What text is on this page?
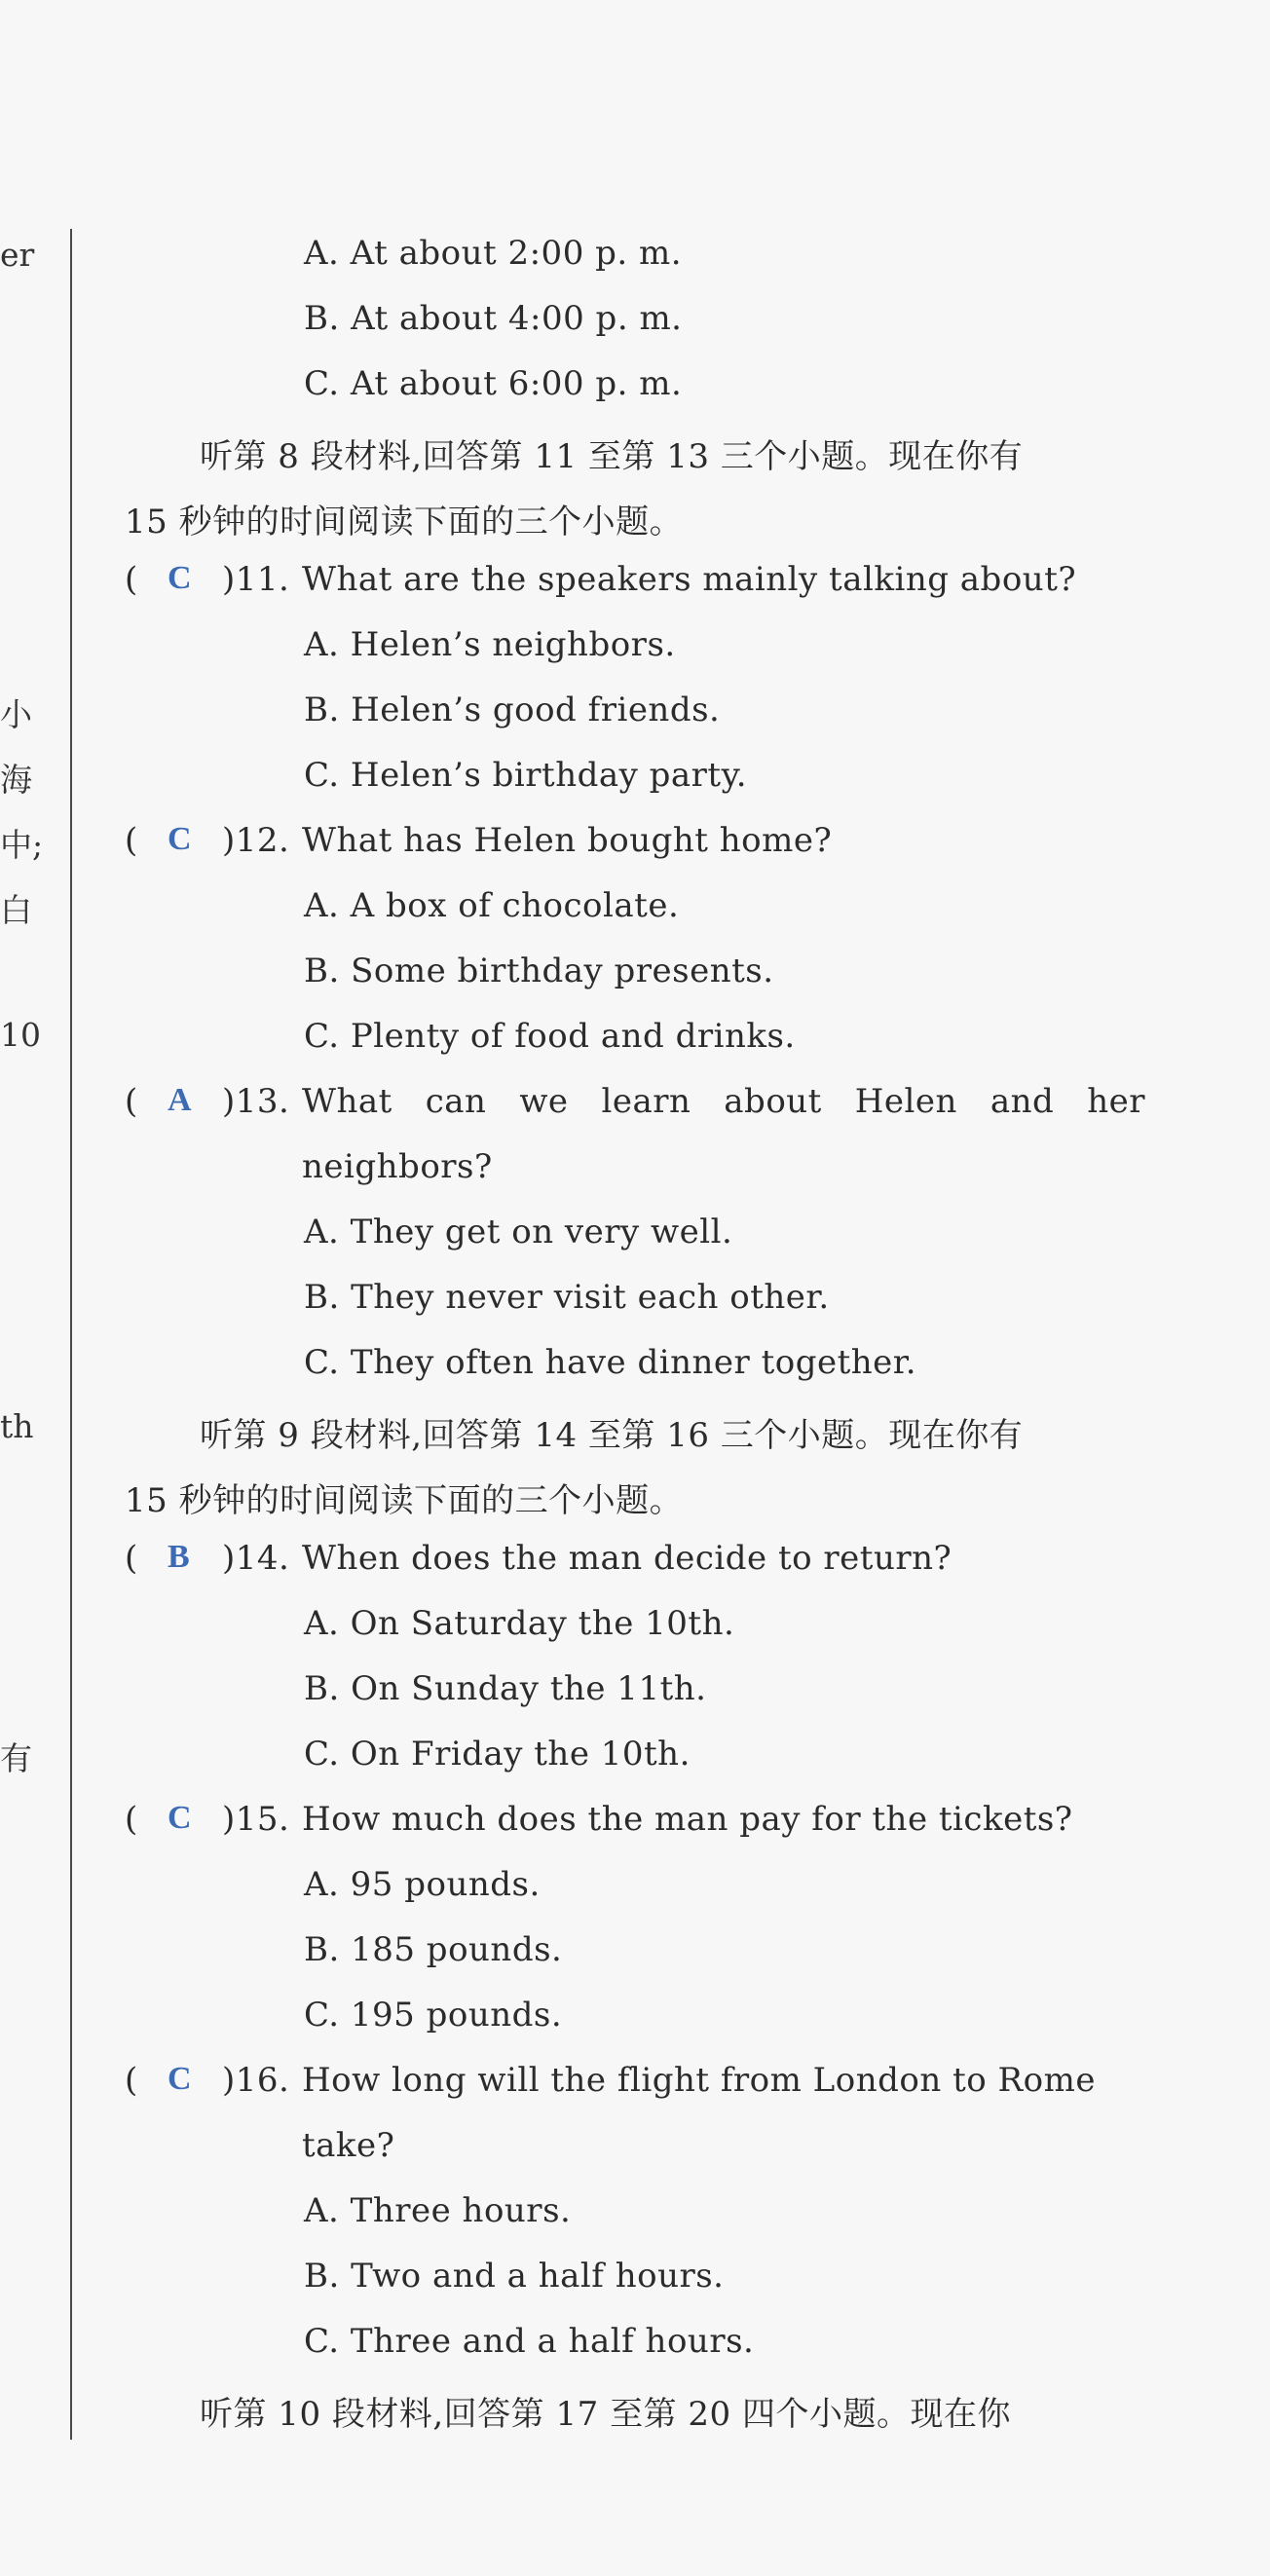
er
小
海
中;
白
10
th
有
A. At about 2:00 p. m.
B. At about 4:00 p. m.
C. At about 6:00 p. m.
听第 8 段材料,回答第 11 至第 13 三个小题。现在你有
15 秒钟的时间阅读下面的三个小题。
( C )11. What are the speakers mainly talking about?
A. Helen’s neighbors.
B. Helen’s good friends.
C. Helen’s birthday party.
( C )12. What has Helen bought home?
A. A box of chocolate.
B. Some birthday presents.
C. Plenty of food and drinks.
( A )13. What can we learn about Helen and her
neighbors?
A. They get on very well.
B. They never visit each other.
C. They often have dinner together.
听第 9 段材料,回答第 14 至第 16 三个小题。现在你有
15 秒钟的时间阅读下面的三个小题。
( B )14. When does the man decide to return?
A. On Saturday the 10th.
B. On Sunday the 11th.
C. On Friday the 10th.
( C )15. How much does the man pay for the tickets?
A. 95 pounds.
B. 185 pounds.
C. 195 pounds.
( C )16. How long will the flight from London to Rome
take?
A. Three hours.
B. Two and a half hours.
C. Three and a half hours.
听第 10 段材料,回答第 17 至第 20 四个小题。现在你
